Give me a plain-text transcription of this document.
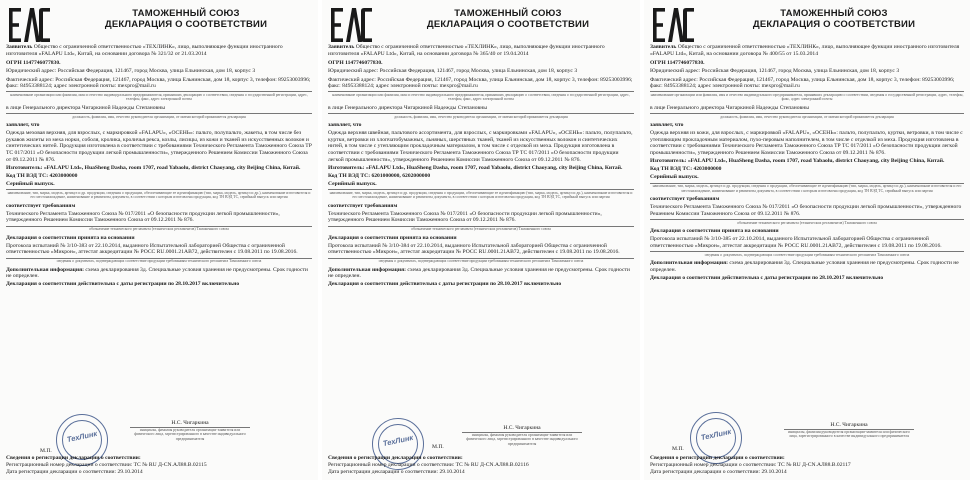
ТАМОЖЕННЫЙ СОЮЗ
ДЕКЛАРАЦИЯ О СООТВЕТСТВИИ

Заявитель Общество с ограниченной ответственностью «ТЕХЛИНК», лицо, выполняющее функции иностранного изготовителя «FALAPU Ltd», Китай, на основании договора № 321/32 от 21.03.2014

ОГРН 1147746077830.

Юридический адрес: Российская Федерация, 121467, город Москва, улица Ельнинская, дом 18, корпус 3

Фактический адрес: Российская Федерация, 121467, город Москва, улица Ельнинская, дом 18, корпус 3, телефон: 89253003996; факс: 84953388124; адрес электронной почты: mexpro@mail.ru

наименование организации или фамилия, имя и отчество индивидуального предпринимателя, принявших декларацию о соответствии, сведения о государственной регистрации, адрес, телефон, факс, адрес электронной почты

в лице Генерального директора Чигаркиной Надежды Степановны

должность, фамилия, имя, отчество руководителя организации, от имени которой принимается декларация

заявляет, что

Одежда меховая верхняя, для взрослых, с маркировкой «FALAPU», «ОСЕНЬ»: пальто, полупальто, жакеты, в том числе без рукавов жилеты из меха норки, соболя, кролика, кроличья рекса, козлы, лисицы, из кожи и тканей из искусственных волокон и синтетических нитей. Продукция изготовлена в соответствии с требованиями Технического Регламента Таможенного Союза ТР ТС 017/2011 «О безопасности продукции легкой промышленности», утвержденного Решением Комиссии Таможенного Союза от 09.12.2011 № 876.

Изготовитель: «FALAPU Ltd», HuaSheng Dasha, room 1707, road Yabaolu, district Chaoyang, city Beijing China, Китай.

Код ТН ВЭД ТС: 4203000000

Серийный выпуск.

наименование, тип, марка, модель, артикул и др. продукции, сведения о продукции, обеспечивающие ее идентификацию (тип, марка, модель, артикул и др.), наименование изготовителя и его местонахождение, наименование и реквизиты документа, в соответствии с которым изготовлена продукция, код ТН ВЭД ТС, серийный выпуск или партия

соответствует требованиям

Технического Регламента Таможенного Союза № 017/2011 «О безопасности продукции легкой промышленности», утвержденного Решением Комиссии Таможенного Союза от 09.12.2011 № 876.

обозначение технического регламента (технических регламентов) Таможенного союза

Декларация о соответствии принята на основании

Протокола испытаний № 3/10-383 от 22.10.2014, выданного Испытательной лабораторией Общества с ограниченной ответственностью «Микрон», аттестат аккредитации № РОСС RU.0001.21АВ72, действителен с 19.08.2011 по 19.08.2016.

сведения о документах, подтверждающих соответствие продукции требованиям технического регламента Таможенного союза

Дополнительная информация: схема декларирования 3д. Специальные условия хранения не предусмотрены. Срок годности не определен.

Декларация о соответствии действительна с даты регистрации по 28.10.2017 включительно

Н.С. Чигаркина
инициалы, фамилия руководителя организации-заявителя или физического лица, зарегистрированного в качестве индивидуального предпринимателя
ТехЛинк
М.П.
Сведения о регистрации декларации о соответствии:
Регистрационный номер декларации о соответствии: ТС № RU Д-CN.АЛ88.В.02115
Дата регистрации декларации о соответствии: 29.10.2014
ТАМОЖЕННЫЙ СОЮЗ
ДЕКЛАРАЦИЯ О СООТВЕТСТВИИ

Заявитель Общество с ограниченной ответственностью «ТЕХЛИНК», лицо, выполняющее функции иностранного изготовителя «FALAPU Ltd», Китай, на основании договора № 365/40 от 19.04.2014

ОГРН 1147746077830.

Юридический адрес: Российская Федерация, 121467, город Москва, улица Ельнинская, дом 18, корпус 3

Фактический адрес: Российская Федерация, 121467, город Москва, улица Ельнинская, дом 18, корпус 3, телефон: 89253003996; факс: 84953388124; адрес электронной почты: mexpro@mail.ru

наименование организации или фамилия, имя и отчество индивидуального предпринимателя, принявших декларацию о соответствии, сведения о государственной регистрации, адрес, телефон, факс, адрес электронной почты

в лице Генерального директора Чигаркиной Надежды Степановны

должность, фамилия, имя, отчество руководителя организации, от имени которой принимается декларация

заявляет, что

Одежда верхняя швейная, пальтового ассортимента, для взрослых, с маркировками «FALAPU», «ОСЕНЬ»: пальто, полупальто, куртки, ветровки из хлопчатобумажных, льняных, шерстяных тканей, тканей из искусственных волокон и синтетических нитей, в том числе с утепляющим прокладочным материалом, в том числе с отделкой из меха. Продукция изготовлена в соответствии с требованиями Технического Регламента Таможенного Союза ТР ТС 017/2011 «О безопасности продукции легкой промышленности», утвержденного Решением Комиссии Таможенного Союза от 09.12.2011 № 876.

Изготовитель: «FALAPU Ltd», HuaSheng Dasha, room 1707, road Yabaolu, district Chaoyang, city Beijing China, Китай.

Код ТН ВЭД ТС: 6201000000, 6202000000

Серийный выпуск.

наименование, тип, марка, модель, артикул и др. продукции, сведения о продукции, обеспечивающие ее идентификацию (тип, марка, модель, артикул и др.), наименование изготовителя и его местонахождение, наименование и реквизиты документа, в соответствии с которым изготовлена продукция, код ТН ВЭД ТС, серийный выпуск или партия

соответствует требованиям

Технического Регламента Таможенного Союза № 017/2011 «О безопасности продукции легкой промышленности», утвержденного Решением Комиссии Таможенного Союза от 09.12.2011 № 876.

обозначение технического регламента (технических регламентов) Таможенного союза

Декларация о соответствии принята на основании

Протокола испытаний № 3/10-384 от 22.10.2014, выданного Испытательной лабораторией Общества с ограниченной ответственностью «Микрон», аттестат аккредитации № РОСС RU.0001.21АВ72, действителен с 19.08.2011 по 19.08.2016.

сведения о документах, подтверждающих соответствие продукции требованиям технического регламента Таможенного союза

Дополнительная информация: схема декларирования 3д. Специальные условия хранения не предусмотрены. Срок годности не определен.

Декларация о соответствии действительна с даты регистрации по 28.10.2017 включительно

Н.С. Чигаркина
инициалы, фамилия руководителя организации-заявителя или физического лица, зарегистрированного в качестве индивидуального предпринимателя
ТехЛинк	М.П.
Сведения о регистрации декларации о соответствии:
Регистрационный номер декларации о соответствии: ТС № RU Д-CN.АЛ88.В.02116
Дата регистрации декларации о соответствии: 29.10.2014
ТАМОЖЕННЫЙ СОЮЗ
ДЕКЛАРАЦИЯ О СООТВЕТСТВИИ

Заявитель Общество с ограниченной ответственностью «ТЕХЛИНК», лицо, выполняющее функции иностранного изготовителя «FALAPU Ltd», Китай, на основании договора № 400/55 от 15.03.2014

ОГРН 1147746077830.

Юридический адрес: Российская Федерация, 121467, город Москва, улица Ельнинская, дом 18, корпус 3

Фактический адрес: Российская Федерация, 121467, город Москва, улица Ельнинская, дом 18, корпус 3, телефон: 89253003996; факс: 84953388124; адрес электронной почты: mexpro@mail.ru

наименование организации или фамилия, имя и отчество индивидуального предпринимателя, принявших декларацию о соответствии, сведения о государственной регистрации, адрес, телефон, факс, адрес электронной почты

в лице Генерального директора Чигаркиной Надежды Степановны

должность, фамилия, имя, отчество руководителя организации, от имени которой принимается декларация

заявляет, что

Одежда верхняя из кожи, для взрослых, с маркировкой «FALAPU», «ОСЕНЬ»: пальто, полупальто, куртки, ветровки, в том числе с утепляющим прокладочным материалом, пухо-перовым наполнителем, в том числе с отделкой из меха. Продукция изготовлена в соответствии с требованиями Технического Регламента Таможенного Союза ТР ТС 017/2011 «О безопасности продукции легкой промышленности», утвержденного Решением Комиссии Таможенного Союза от 09.12.2011 № 876.

Изготовитель: «FALAPU Ltd», HuaSheng Dasha, room 1707, road Yabaolu, district Chaoyang, city Beijing China, Китай.

Код ТН ВЭД ТС: 4203000000

Серийный выпуск.

наименование, тип, марка, модель, артикул и др. продукции, сведения о продукции, обеспечивающие ее идентификацию (тип, марка, модель, артикул и др.), наименование изготовителя и его местонахождение, наименование и реквизиты документа, в соответствии с которым изготовлена продукция, код ТН ВЭД ТС, серийный выпуск или партия

соответствует требованиям

Технического Регламента Таможенного Союза № 017/2011 «О безопасности продукции легкой промышленности», утвержденного Решением Комиссии Таможенного Союза от 09.12.2011 № 876.

обозначение технического регламента (технических регламентов) Таможенного союза

Декларация о соответствии принята на основании

Протокола испытаний № 3/10-385 от 22.10.2014, выданного Испытательной лабораторией Общества с ограниченной ответственностью «Микрон», аттестат аккредитации № РОСС RU.0001.21АВ72, действителен с 19.08.2011 по 19.08.2016.

сведения о документах, подтверждающих соответствие продукции требованиям технического регламента Таможенного союза

Дополнительная информация: схема декларирования 3д. Специальные условия хранения не предусмотрены. Срок годности не определен.

Декларация о соответствии действительна с даты регистрации по 28.10.2017 включительно

Н.С. Чигаркина
инициалы, фамилия руководителя организации-заявителя или физического лица, зарегистрированного в качестве индивидуального предпринимателя
ТехЛинк
М.П.
Сведения о регистрации декларации о соответствии:
Регистрационный номер декларации о соответствии: ТС № RU Д-CN.АЛ88.В.02117
Дата регистрации декларации о соответствии: 29.10.2014
